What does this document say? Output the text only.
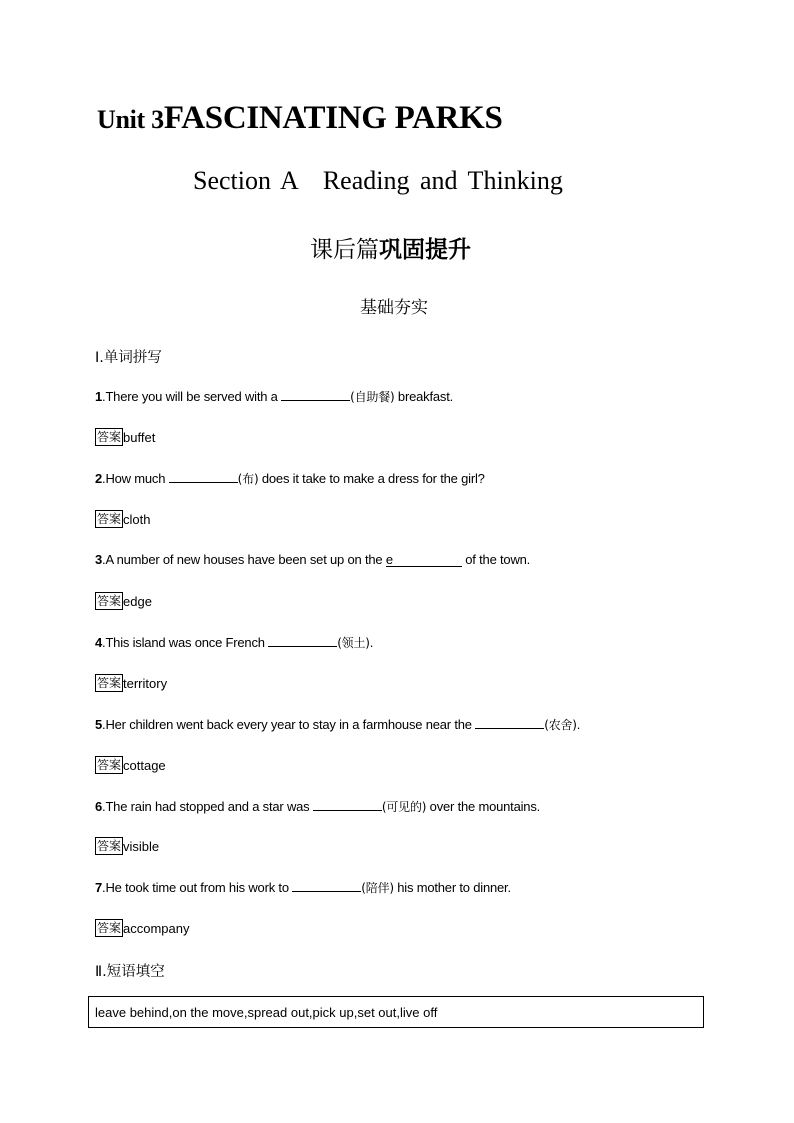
Unit 3FASCINATING PARKS
Section A Reading and Thinking
课后篇巩固提升
基础夯实
Ⅰ.单词拼写
1.There you will be served with a	(自助餐) breakfast.
答案 buffet
2.How much	(布) does it take to make a dress for the girl?
答案 cloth
3.A number of new houses have been set up on the e	of the town.
答案 edge
4.This island was once French	(领土).
答案 territory
5.Her children went back every year to stay in a farmhouse near the	(农舍).
答案 cottage
6.The rain had stopped and a star was	(可见的) over the mountains.
答案 visible
7.He took time out from his work to	(陪伴) his mother to dinner.
答案 accompany
Ⅱ.短语填空
leave behind,on the move,spread out,pick up,set out,live off
